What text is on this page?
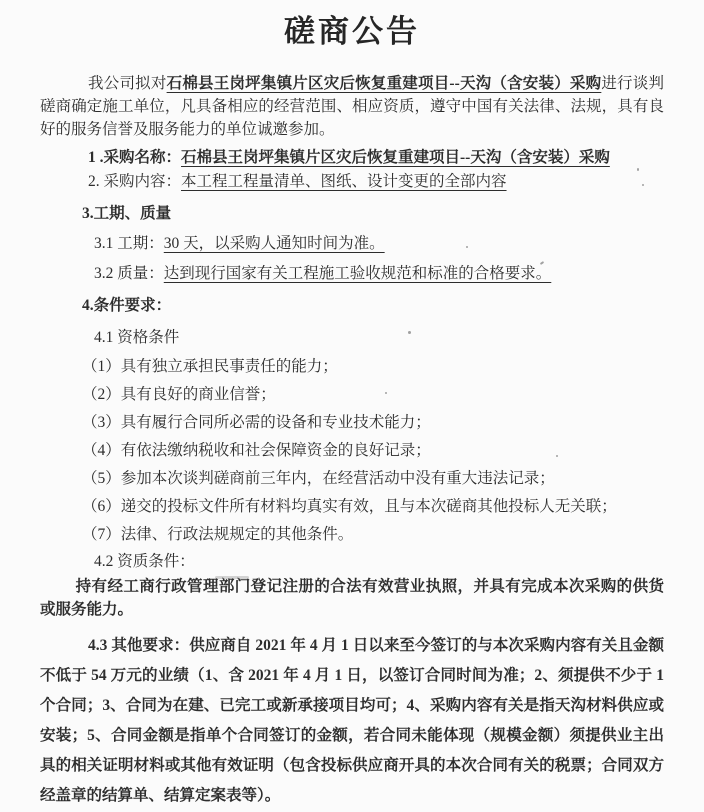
磋商公告

我公司拟对石棉县王岗坪集镇片区灾后恢复重建项目--天沟（含安装）采购进行谈判磋商确定施工单位，凡具备相应的经营范围、相应资质，遵守中国有关法律、法规，具有良好的服务信誉及服务能力的单位诚邀参加。

1 .采购名称：石棉县王岗坪集镇片区灾后恢复重建项目--天沟（含安装）采购
2. 采购内容：本工程工程量清单、图纸、设计变更的全部内容
3.工期、质量
3.1 工期：30 天，以采购人通知时间为准。
3.2 质量：达到现行国家有关工程施工验收规范和标准的合格要求。
4.条件要求：
4.1 资格条件
（1）具有独立承担民事责任的能力；
（2）具有良好的商业信誉；
（3）具有履行合同所必需的设备和专业技术能力；
（4）有依法缴纳税收和社会保障资金的良好记录；
（5）参加本次谈判磋商前三年内，在经营活动中没有重大违法记录；
（6）递交的投标文件所有材料均真实有效，且与本次磋商其他投标人无关联；
（7）法律、行政法规规定的其他条件。
4.2 资质条件：

持有经工商行政管理部门登记注册的合法有效营业执照，并具有完成本次采购的供货或服务能力。

4.3 其他要求：供应商自 2021 年 4 月 1 日以来至今签订的与本次采购内容有关且金额不低于 54 万元的业绩（1、含 2021 年 4 月 1 日，以签订合同时间为准；2、须提供不少于 1 个合同；3、合同为在建、已完工或新承接项目均可；4、采购内容有关是指天沟材料供应或安装；5、合同金额是指单个合同签订的金额，若合同未能体现（规模金额）须提供业主出具的相关证明材料或其他有效证明（包含投标供应商开具的本次合同有关的税票；合同双方经盖章的结算单、结算定案表等）。
